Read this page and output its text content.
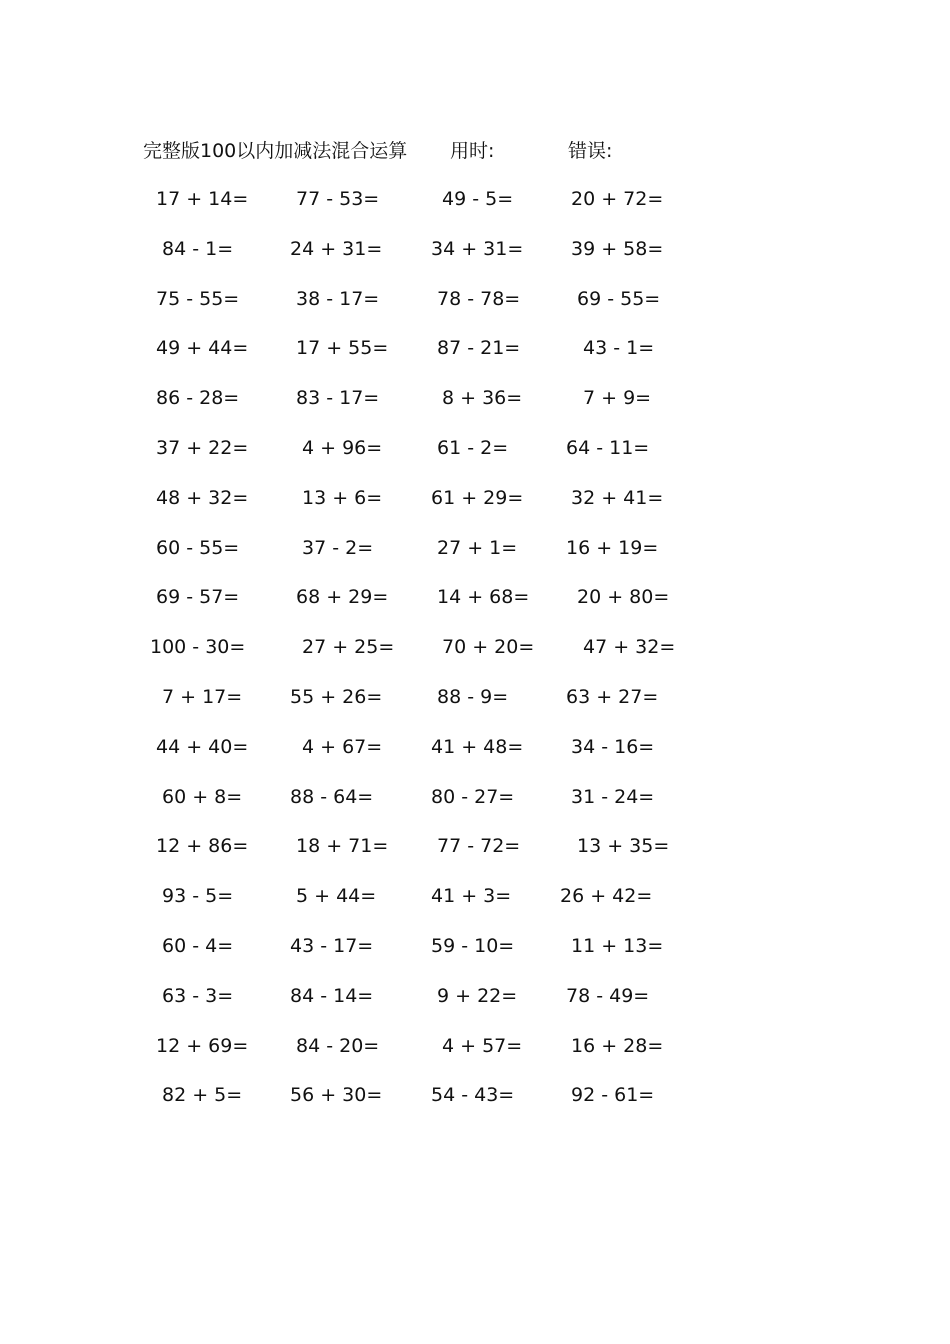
完整版100以内加减法混合运算 用时:	错误:
17 + 14=	77 - 53=	49 - 5=	20 + 72=
84 - 1=	24 + 31=	34 + 31=	39 + 58=
75 - 55=	38 - 17=	78 - 78=	69 - 55=
49 + 44=	17 + 55=	87 - 21=	43 - 1=
86 - 28=	83 - 17=	8 + 36=	7 + 9=
37 + 22=	4 + 96=	61 - 2=	64 - 11=
48 + 32=	13 + 6=	61 + 29=	32 + 41=
60 - 55=	37 - 2=	27 + 1=	16 + 19=
69 - 57=	68 + 29=	14 + 68=	20 + 80=
100 - 30=	27 + 25=	70 + 20=	47 + 32=
7 + 17=	55 + 26=	88 - 9=	63 + 27=
44 + 40=	4 + 67=	41 + 48=	34 - 16=
60 + 8=	88 - 64=	80 - 27=	31 - 24=
12 + 86=	18 + 71=	77 - 72=	13 + 35=
93 - 5=	5 + 44=	41 + 3=	26 + 42=
60 - 4=	43 - 17=	59 - 10=	11 + 13=
63 - 3=	84 - 14=	9 + 22=	78 - 49=
12 + 69=	84 - 20=	4 + 57=	16 + 28=
82 + 5=	56 + 30=	54 - 43=	92 - 61=
